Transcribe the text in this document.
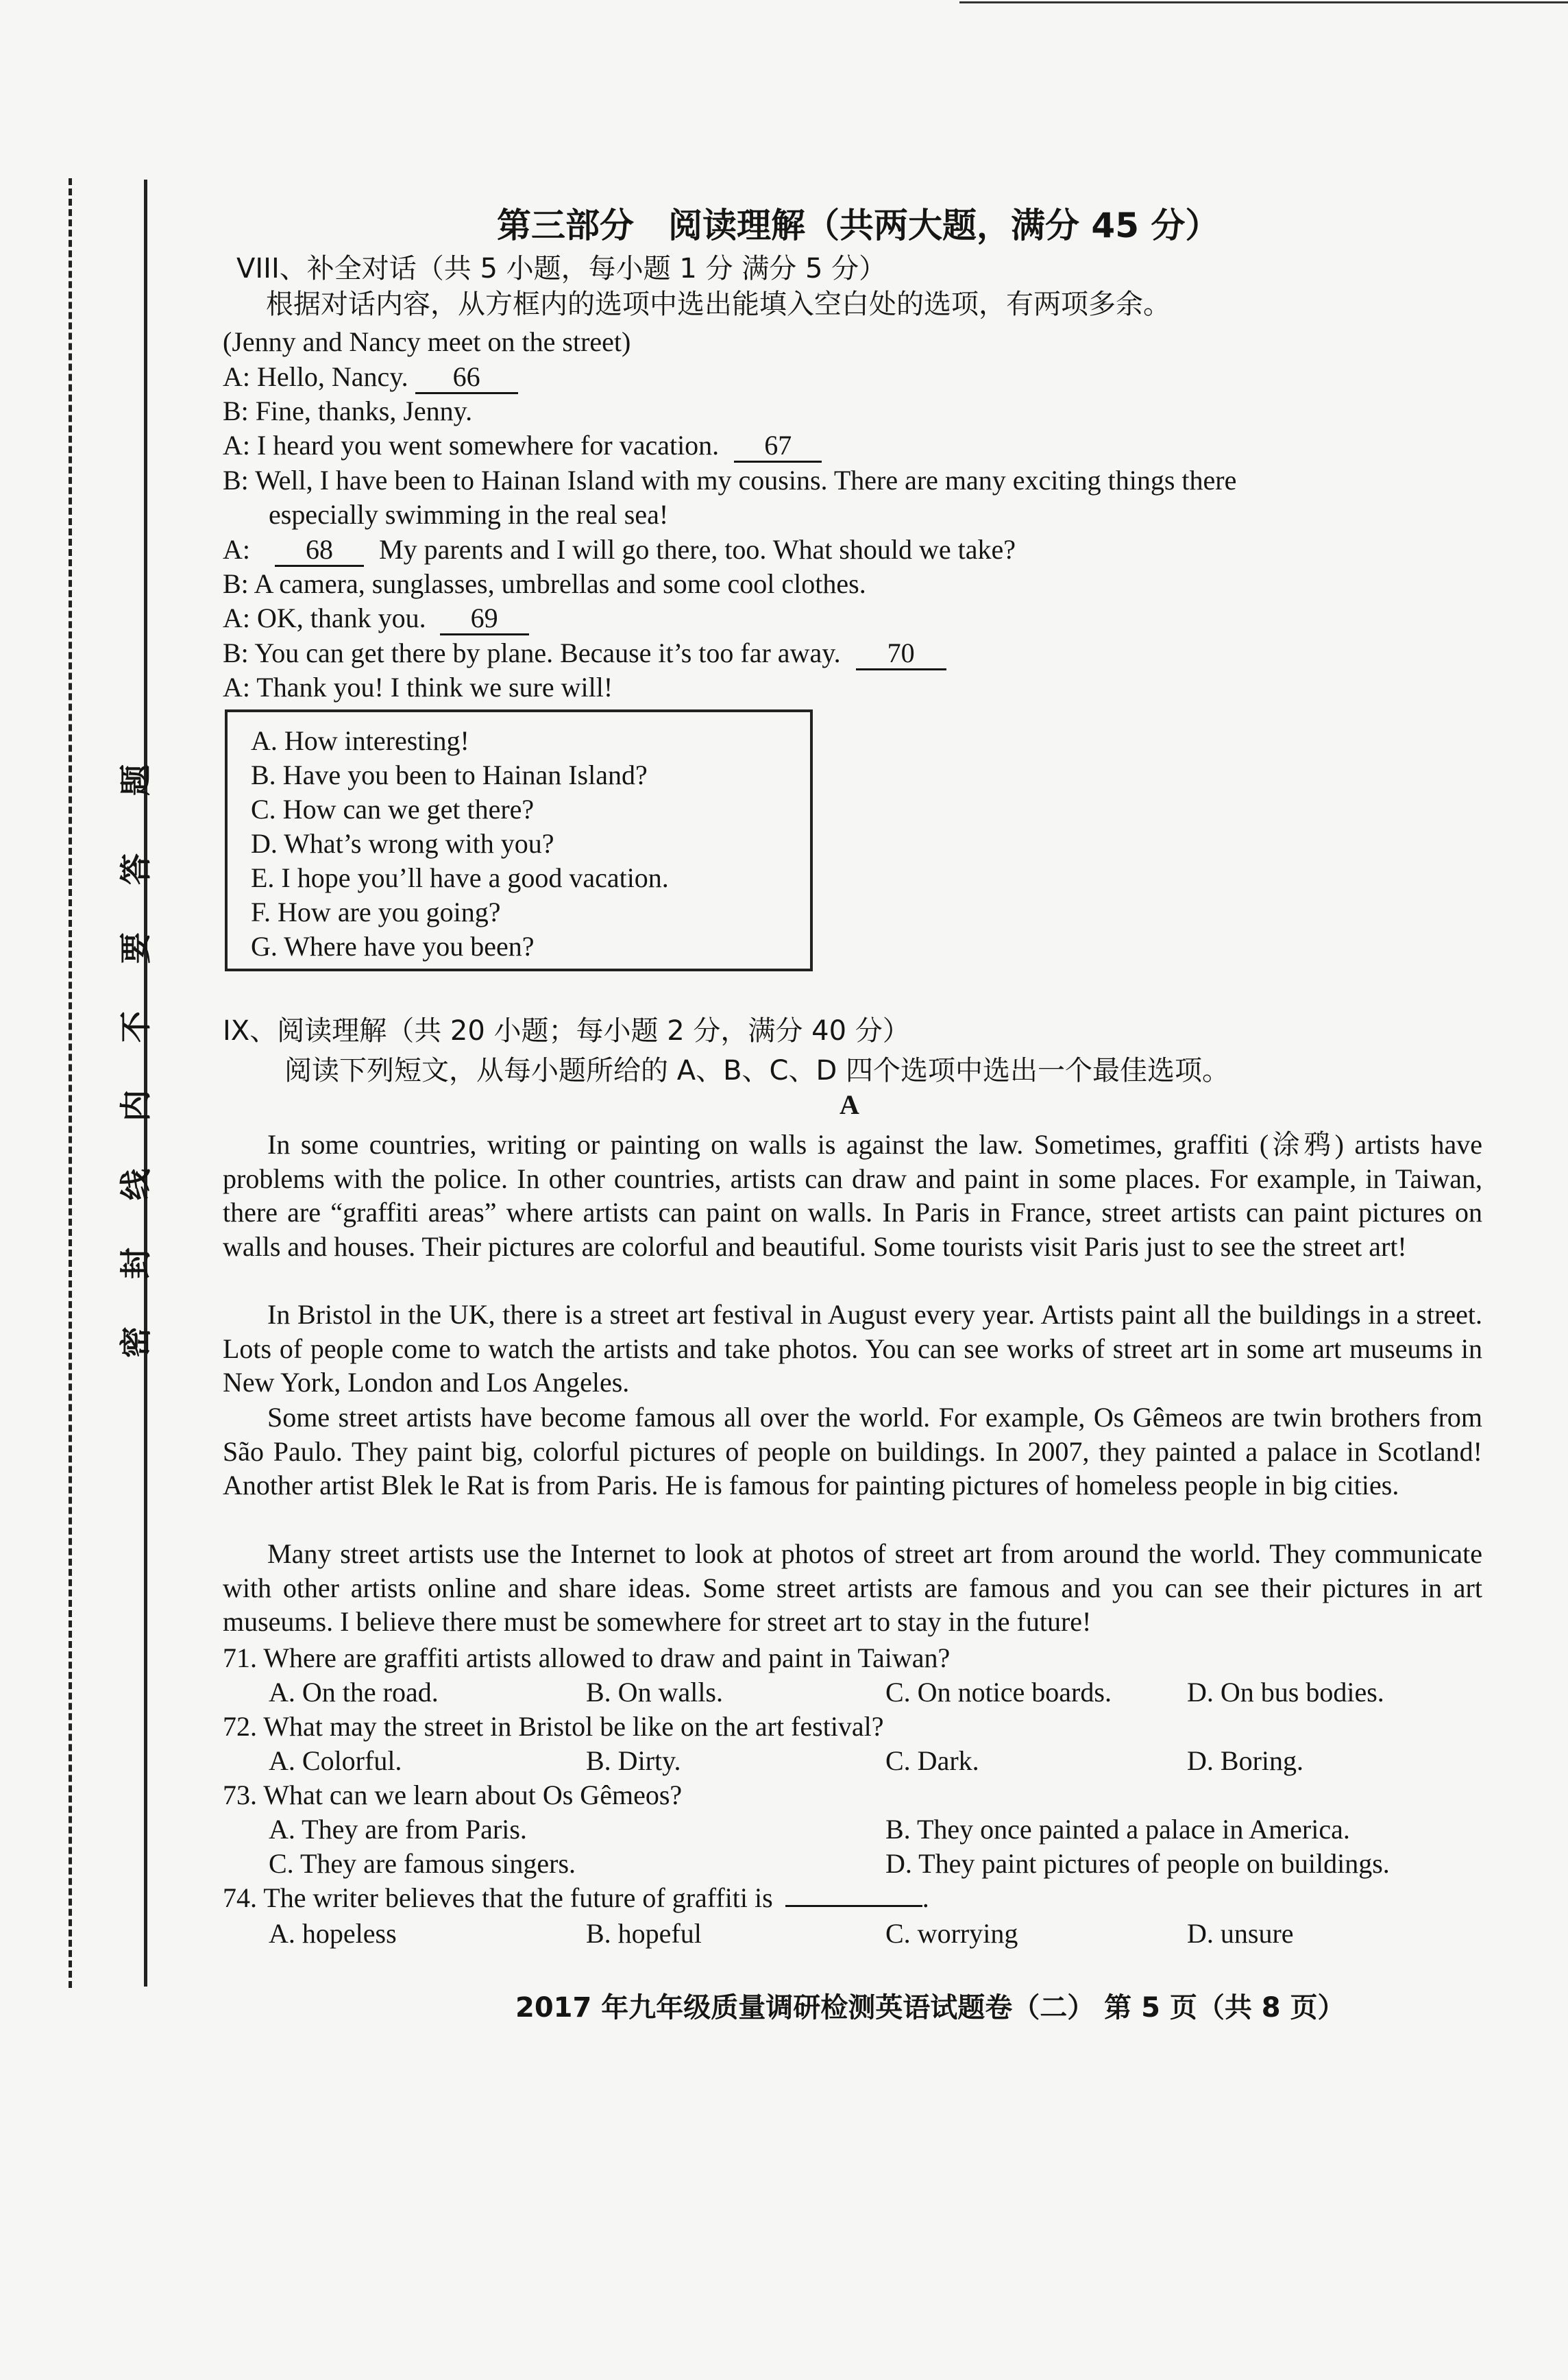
题
答
要
不
内
线
封
密
第三部分　阅读理解（共两大题，满分 45 分）
VIII、补全对话（共 5 小题，每小题 1 分 满分 5 分）
根据对话内容，从方框内的选项中选出能填入空白处的选项，有两项多余。
(Jenny and Nancy meet on the street)
A: Hello, Nancy. 66
B: Fine, thanks, Jenny.
A: I heard you went somewhere for vacation. 67
B: Well, I have been to Hainan Island with my cousins. There are many exciting things there
especially swimming in the real sea!
A: 68 My parents and I will go there, too. What should we take?
B: A camera, sunglasses, umbrellas and some cool clothes.
A: OK, thank you. 69
B: You can get there by plane. Because it’s too far away. 70
A: Thank you! I think we sure will!
A. How interesting!
B. Have you been to Hainan Island?
C. How can we get there?
D. What’s wrong with you?
E. I hope you’ll have a good vacation.
F. How are you going?
G. Where have you been?
IX、阅读理解（共 20 小题；每小题 2 分，满分 40 分）
阅读下列短文，从每小题所给的 A、B、C、D 四个选项中选出一个最佳选项。
A
In some countries, writing or painting on walls is against the law. Sometimes, graffiti (涂鸦) artists have problems with the police. In other countries, artists can draw and paint in some places. For example, in Taiwan, there are “graffiti areas” where artists can paint on walls. In Paris in France, street artists can paint pictures on walls and houses. Their pictures are colorful and beautiful. Some tourists visit Paris just to see the street art!
In Bristol in the UK, there is a street art festival in August every year. Artists paint all the buildings in a street. Lots of people come to watch the artists and take photos. You can see works of street art in some art museums in New York, London and Los Angeles.
Some street artists have become famous all over the world. For example, Os Gêmeos are twin brothers from São Paulo. They paint big, colorful pictures of people on buildings. In 2007, they painted a palace in Scotland! Another artist Blek le Rat is from Paris. He is famous for painting pictures of homeless people in big cities.
Many street artists use the Internet to look at photos of street art from around the world. They communicate with other artists online and share ideas. Some street artists are famous and you can see their pictures in art museums. I believe there must be somewhere for street art to stay in the future!
71. Where are graffiti artists allowed to draw and paint in Taiwan?
A. On the road.	B. On walls.	C. On notice boards.	D. On bus bodies.
72. What may the street in Bristol be like on the art festival?
A. Colorful.	B. Dirty.	C. Dark.	D. Boring.
73. What can we learn about Os Gêmeos?
A. They are from Paris.	B. They once painted a palace in America.
C. They are famous singers.	D. They paint pictures of people on buildings.
74. The writer believes that the future of graffiti is	.
A. hopeless	B. hopeful	C. worrying	D. unsure
2017 年九年级质量调研检测英语试题卷（二） 第 5 页（共 8 页）
